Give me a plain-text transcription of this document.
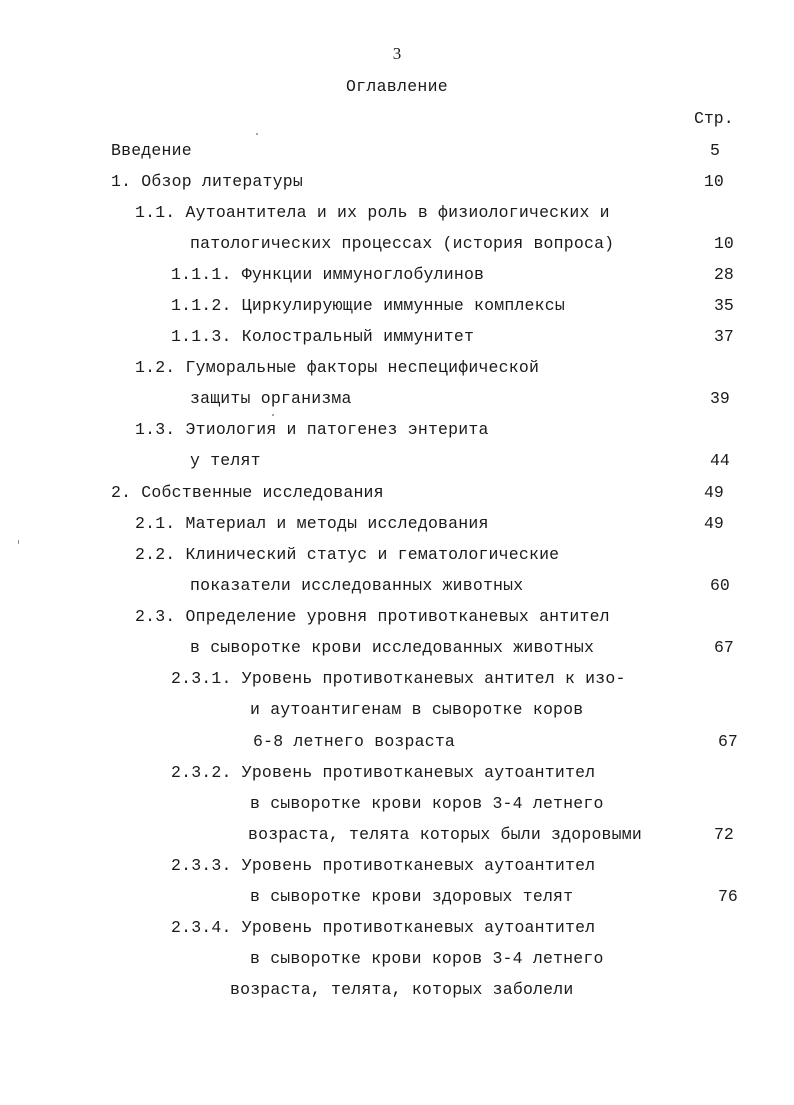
3
Оглавление
Стр.
Введение	5
1. Обзор литературы	10
1.1. Аутоантитела и их роль в физиологических и
патологических процессах (история вопроса)	10
1.1.1. Функции иммуноглобулинов	28
1.1.2. Циркулирующие иммунные комплексы	35
1.1.3. Колостральный иммунитет	37
1.2. Гуморальные факторы неспецифической
защиты организма	39
1.3. Этиология и патогенез энтерита
у телят	44
2. Собственные исследования	49
2.1. Материал и методы исследования	49
2.2. Клинический статус и гематологические
показатели исследованных животных	60
2.3. Определение уровня противотканевых антител
в сыворотке крови исследованных животных	67
2.3.1. Уровень противотканевых антител к изо-
и аутоантигенам в сыворотке коров
6-8 летнего возраста	67
2.3.2. Уровень противотканевых аутоантител
в сыворотке крови коров 3-4 летнего
возраста, телята которых были здоровыми	72
2.3.3. Уровень противотканевых аутоантител
в сыворотке крови здоровых телят	76
2.3.4. Уровень противотканевых аутоантител
в сыворотке крови коров 3-4 летнего
возраста, телята, которых заболели
